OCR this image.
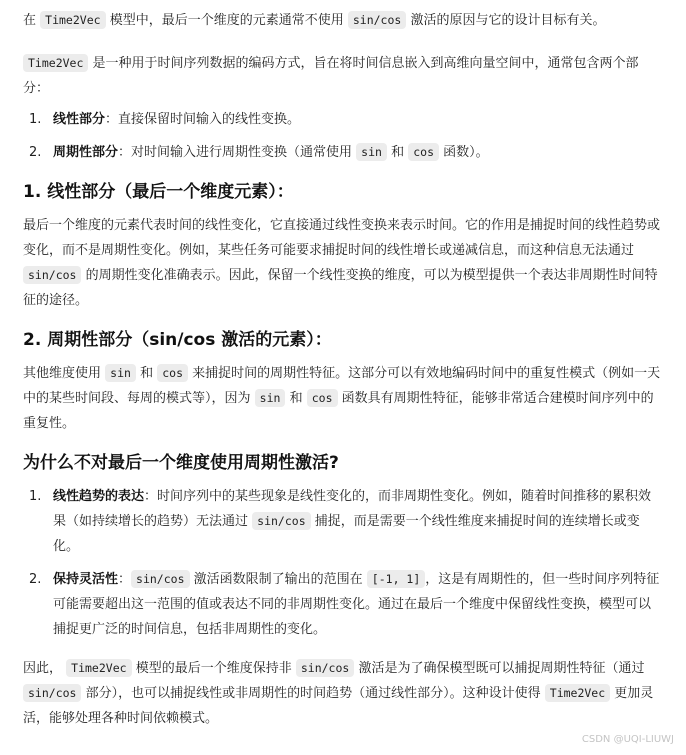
在 Time2Vec 模型中，最后一个维度的元素通常不使用 sin/cos 激活的原因与它的设计目标有关。

Time2Vec 是一种用于时间序列数据的编码方式，旨在将时间信息嵌入到高维向量空间中，通常包含两个部分：

1. 线性部分：直接保留时间输入的线性变换。
2. 周期性部分：对时间输入进行周期性变换（通常使用 sin 和 cos 函数）。
1. 线性部分（最后一个维度元素）：

最后一个维度的元素代表时间的线性变化，它直接通过线性变换来表示时间。它的作用是捕捉时间的线性趋势或变化，而不是周期性变化。例如，某些任务可能要求捕捉时间的线性增长或递减信息，而这种信息无法通过 sin/cos 的周期性变化准确表示。因此，保留一个线性变换的维度，可以为模型提供一个表达非周期性时间特征的途径。

2. 周期性部分（sin/cos 激活的元素）：

其他维度使用 sin 和 cos 来捕捉时间的周期性特征。这部分可以有效地编码时间中的重复性模式（例如一天中的某些时间段、每周的模式等），因为 sin 和 cos 函数具有周期性特征，能够非常适合建模时间序列中的重复性。

为什么不对最后一个维度使用周期性激活?
1. 线性趋势的表达：时间序列中的某些现象是线性变化的，而非周期性变化。例如，随着时间推移的累积效果（如持续增长的趋势）无法通过 sin/cos 捕捉，而是需要一个线性维度来捕捉时间的连续增长或变化。
2. 保持灵活性： sin/cos 激活函数限制了输出的范围在 [-1, 1] ，这是有周期性的，但一些时间序列特征可能需要超出这一范围的值或表达不同的非周期性变化。通过在最后一个维度中保留线性变换，模型可以捕捉更广泛的时间信息，包括非周期性的变化。

因此， Time2Vec 模型的最后一个维度保持非 sin/cos 激活是为了确保模型既可以捕捉周期性特征（通过 sin/cos 部分），也可以捕捉线性或非周期性的时间趋势（通过线性部分）。这种设计使得 Time2Vec 更加灵活，能够处理各种时间依赖模式。

CSDN @UQI-LIUWJ
